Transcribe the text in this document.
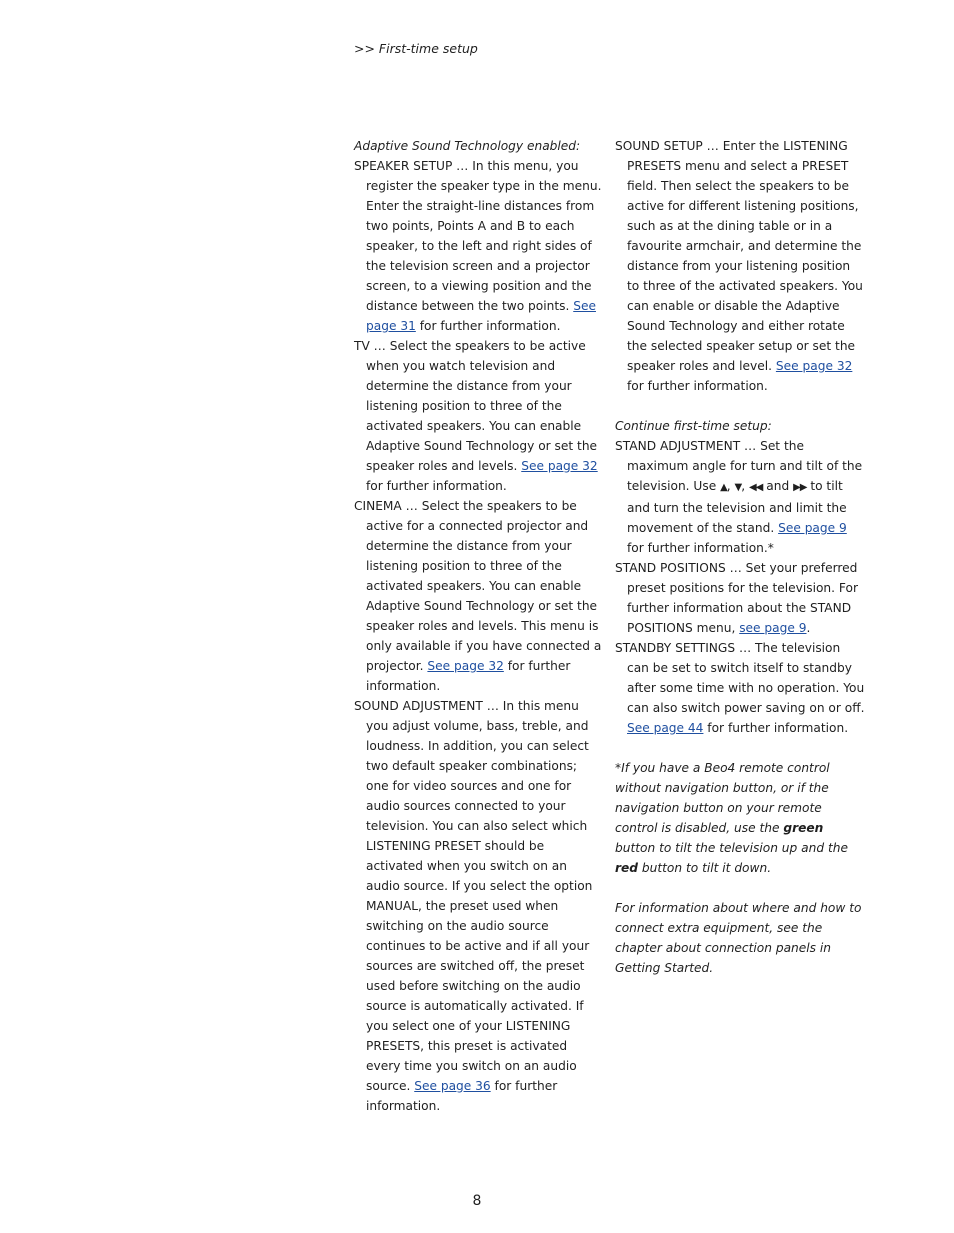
>> First-time setup

Adaptive Sound Technology enabled:

SPEAKER SETUP … In this menu, you register the speaker type in the menu. Enter the straight-line distances from two points, Points A and B to each speaker, to the left and right sides of the television screen and a projector screen, to a viewing position and the distance between the two points. See page 31 for further information.

TV … Select the speakers to be active when you watch television and determine the distance from your listening position to three of the activated speakers. You can enable Adaptive Sound Technology or set the speaker roles and levels. See page 32 for further information.

CINEMA … Select the speakers to be active for a connected projector and determine the distance from your listening position to three of the activated speakers. You can enable Adaptive Sound Technology or set the speaker roles and levels. This menu is only available if you have connected a projector. See page 32 for further information.

SOUND ADJUSTMENT … In this menu you adjust volume, bass, treble, and loudness. In addition, you can select two default speaker combinations; one for video sources and one for audio sources connected to your television. You can also select which LISTENING PRESET should be activated when you switch on an audio source. If you select the option MANUAL, the preset used when switching on the audio source continues to be active and if all your sources are switched off, the preset used before switching on the audio source is automatically activated. If you select one of your LISTENING PRESETS, this preset is activated every time you switch on an audio source. See page 36 for further information.

SOUND SETUP … Enter the LISTENING PRESETS menu and select a PRESET field. Then select the speakers to be active for different listening positions, such as at the dining table or in a favourite armchair, and determine the distance from your listening position to three of the activated speakers. You can enable or disable the Adaptive Sound Technology and either rotate the selected speaker setup or set the speaker roles and level. See page 32 for further information.

Continue first-time setup:

STAND ADJUSTMENT … Set the maximum angle for turn and tilt of the television. Use ▲, ▼, ◀◀ and ▶▶ to tilt and turn the television and limit the movement of the stand. See page 9 for further information.*

STAND POSITIONS … Set your preferred preset positions for the television. For further information about the STAND POSITIONS menu, see page 9.

STANDBY SETTINGS … The television can be set to switch itself to standby after some time with no operation. You can also switch power saving on or off. See page 44 for further information.

*If you have a Beo4 remote control without navigation button, or if the navigation button on your remote control is disabled, use the green button to tilt the television up and the red button to tilt it down.

For information about where and how to connect extra equipment, see the chapter about connection panels in Getting Started.

8
